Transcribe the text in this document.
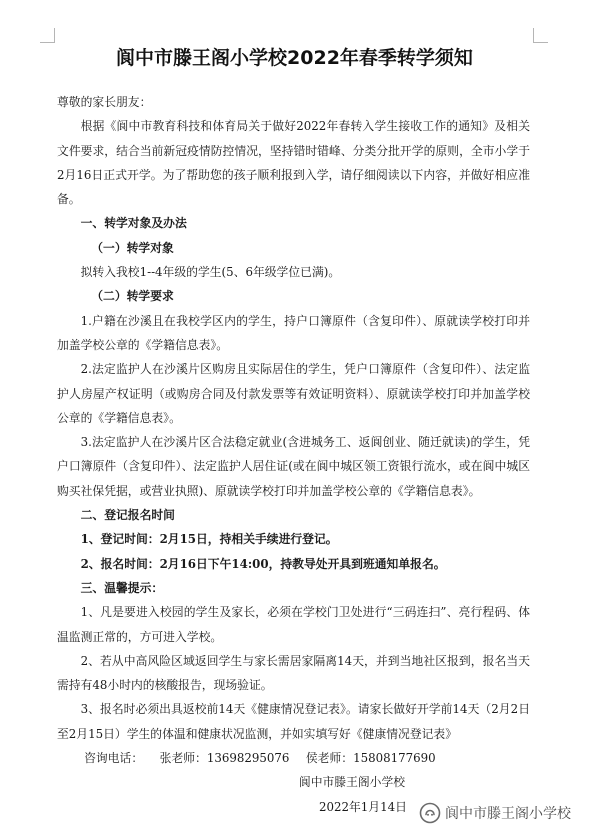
阆中市滕王阁小学校2022年春季转学须知

尊敬的家长朋友：

根据《阆中市教育科技和体育局关于做好2022年春转入学生接收工作的通知》及相关文件要求，结合当前新冠疫情防控情况，坚持错时错峰、分类分批开学的原则，全市小学于2月16日正式开学。为了帮助您的孩子顺利报到入学，请仔细阅读以下内容，并做好相应准备。

一、转学对象及办法

（一）转学对象

拟转入我校1--4年级的学生(5、6年级学位已满)。

（二）转学要求

1.户籍在沙溪且在我校学区内的学生，持户口簿原件（含复印件）、原就读学校打印并加盖学校公章的《学籍信息表》。

2.法定监护人在沙溪片区购房且实际居住的学生，凭户口簿原件（含复印件）、法定监护人房屋产权证明（或购房合同及付款发票等有效证明资料）、原就读学校打印并加盖学校公章的《学籍信息表》。

3.法定监护人在沙溪片区合法稳定就业(含进城务工、返阆创业、随迁就读)的学生，凭户口簿原件（含复印件）、法定监护人居住证(或在阆中城区领工资银行流水，或在阆中城区购买社保凭据，或营业执照)、原就读学校打印并加盖学校公章的《学籍信息表》。

二、登记报名时间

1、登记时间：2月15日，持相关手续进行登记。

2、报名时间：2月16日下午14:00，持教导处开具到班通知单报名。

三、温馨提示：

1、凡是要进入校园的学生及家长，必须在学校门卫处进行“三码连扫”、亮行程码、体温监测正常的，方可进入学校。

2、若从中高风险区域返回学生与家长需居家隔离14天，并到当地社区报到，报名当天需持有48小时内的核酸报告，现场验证。

3、报名时必须出具返校前14天《健康情况登记表》。请家长做好开学前14天（2月2日至2月15日）学生的体温和健康状况监测，并如实填写好《健康情况登记表》

咨询电话： 张老师：13698295076 侯老师：15808177690

阆中市滕王阁小学校

2022年1月14日	阆中市滕王阁小学校
